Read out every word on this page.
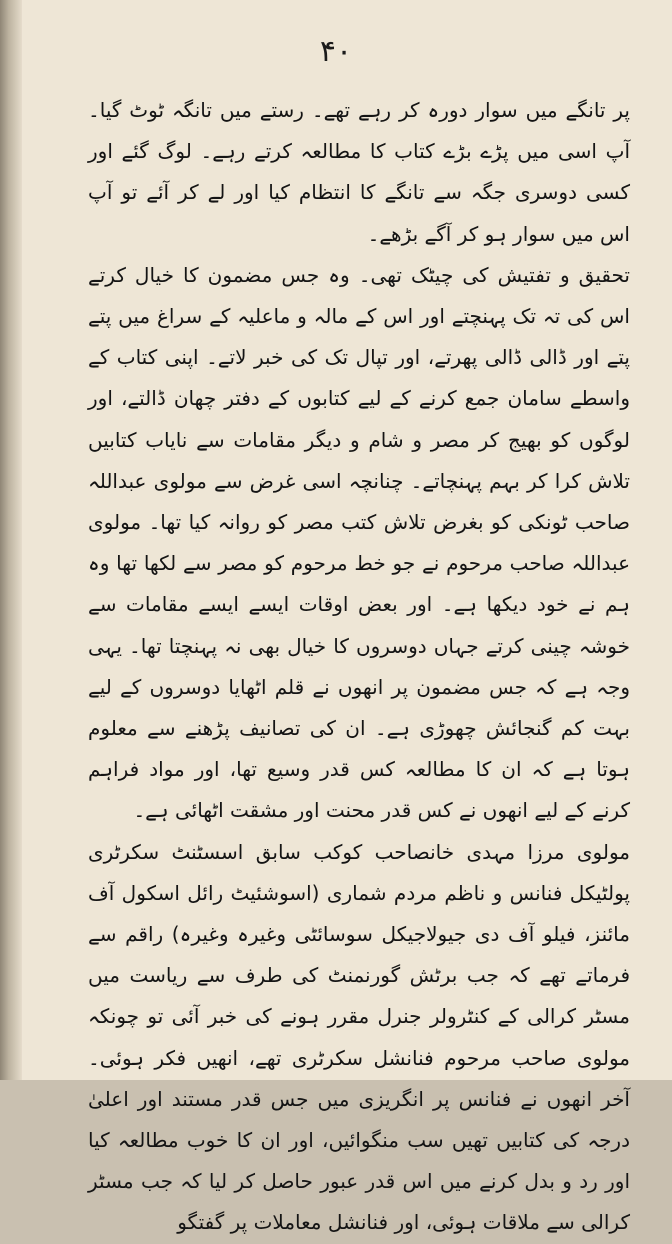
۴۰

پر تانگے میں سوار دورہ کر رہے تھے۔ رستے میں تانگہ ٹوٹ گیا۔ آپ اسی میں پڑے بڑے کتاب کا مطالعہ کرتے رہے۔ لوگ گئے اور کسی دوسری جگہ سے تانگے کا انتظام کیا اور لے کر آئے تو آپ اس میں سوار ہو کر آگے بڑھے۔

تحقیق و تفتیش کی چیٹک تھی۔ وہ جس مضمون کا خیال کرتے اس کی تہ تک پہنچتے اور اس کے مالہ و ماعلیہ کے سراغ میں پتے پتے اور ڈالی ڈالی پھرتے، اور تپال تک کی خبر لاتے۔ اپنی کتاب کے واسطے سامان جمع کرنے کے لیے کتابوں کے دفتر چھان ڈالتے، اور لوگوں کو بھیج کر مصر و شام و دیگر مقامات سے نایاب کتابیں تلاش کرا کر بہم پہنچاتے۔ چنانچہ اسی غرض سے مولوی عبداللہ صاحب ٹونکی کو بغرض تلاش کتب مصر کو روانہ کیا تھا۔ مولوی عبداللہ صاحب مرحوم نے جو خط مرحوم کو مصر سے لکھا تھا وہ ہم نے خود دیکھا ہے۔ اور بعض اوقات ایسے ایسے مقامات سے خوشہ چینی کرتے جہاں دوسروں کا خیال بھی نہ پہنچتا تھا۔ یہی وجہ ہے کہ جس مضمون پر انھوں نے قلم اٹھایا دوسروں کے لیے بہت کم گنجائش چھوڑی ہے۔ ان کی تصانیف پڑھنے سے معلوم ہوتا ہے کہ ان کا مطالعہ کس قدر وسیع تھا، اور مواد فراہم کرنے کے لیے انھوں نے کس قدر محنت اور مشقت اٹھائی ہے۔

مولوی مرزا مہدی خانصاحب کوکب سابق اسسٹنٹ سکرٹری پولٹیکل فنانس و ناظم مردم شماری (اسوشئیٹ رائل اسکول آف مائنز، فیلو آف دی جیولاجیکل سوسائٹی وغیرہ وغیرہ) راقم سے فرماتے تھے کہ جب برٹش گورنمنٹ کی طرف سے ریاست میں مسٹر کرالی کے کنٹرولر جنرل مقرر ہونے کی خبر آئی تو چونکہ مولوی صاحب مرحوم فنانشل سکرٹری تھے، انھیں فکر ہوئی۔ آخر انھوں نے فنانس پر انگریزی میں جس قدر مستند اور اعلیٰ درجہ کی کتابیں تھیں سب منگوائیں، اور ان کا خوب مطالعہ کیا اور رد و بدل کرنے میں اس قدر عبور حاصل کر لیا کہ جب مسٹر کرالی سے ملاقات ہوئی، اور فنانشل معاملات پر گفتگو
